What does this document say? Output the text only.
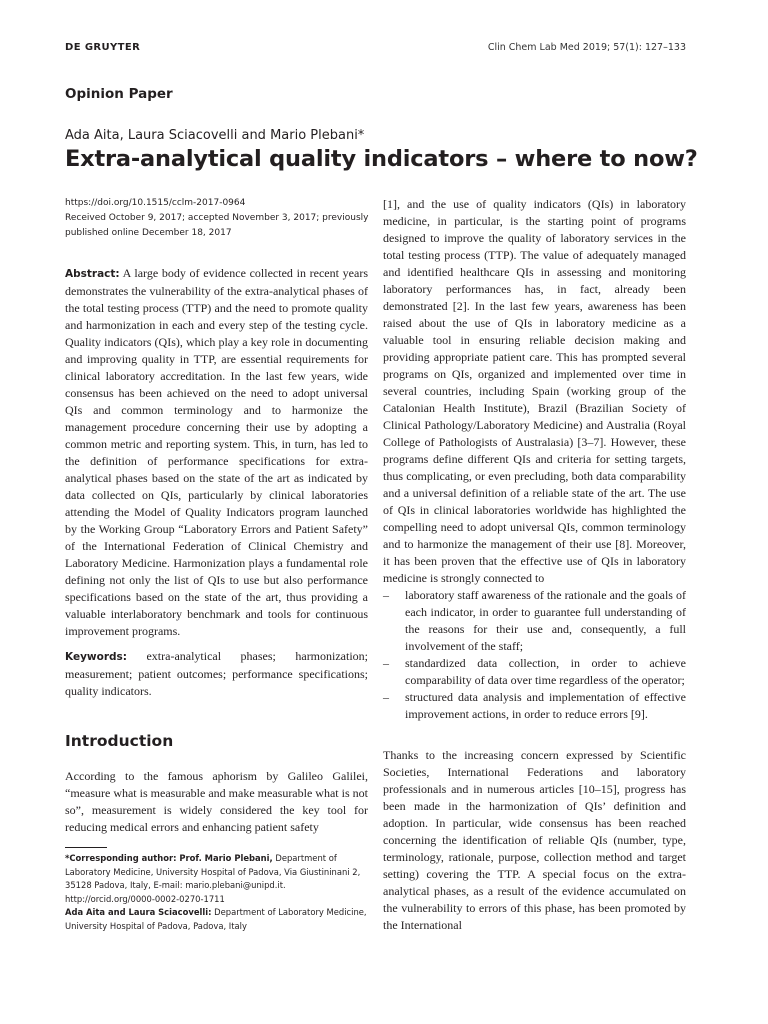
DE GRUYTER	Clin Chem Lab Med 2019; 57(1): 127–133
Opinion Paper
Ada Aita, Laura Sciacovelli and Mario Plebani*
Extra-analytical quality indicators – where to now?
https://doi.org/10.1515/cclm-2017-0964
Received October 9, 2017; accepted November 3, 2017; previously
published online December 18, 2017

Abstract: A large body of evidence collected in recent years demonstrates the vulnerability of the extra-analytical phases of the total testing process (TTP) and the need to promote quality and harmonization in each and every step of the testing cycle. Quality indicators (QIs), which play a key role in documenting and improving quality in TTP, are essential requirements for clinical laboratory accreditation. In the last few years, wide consensus has been achieved on the need to adopt universal QIs and common terminology and to harmonize the management procedure concerning their use by adopting a common metric and reporting system. This, in turn, has led to the definition of performance specifications for extra-analytical phases based on the state of the art as indicated by data collected on QIs, particularly by clinical laboratories attending the Model of Quality Indicators program launched by the Working Group “Laboratory Errors and Patient Safety” of the International Federation of Clinical Chemistry and Laboratory Medicine. Harmonization plays a fundamental role defining not only the list of QIs to use but also performance specifications based on the state of the art, thus providing a valuable interlaboratory benchmark and tools for continuous improvement programs.

Keywords: extra-analytical phases; harmonization; measurement; patient outcomes; performance specifications; quality indicators.

Introduction

According to the famous aphorism by Galileo Galilei, “measure what is measurable and make measurable what is not so”, measurement is widely considered the key tool for reducing medical errors and enhancing patient safety

*Corresponding author: Prof. Mario Plebani, Department of Laboratory Medicine, University Hospital of Padova, Via Giustininani 2, 35128 Padova, Italy, E-mail: mario.plebani@unipd.it. http://orcid.org/0000-0002-0270-1711
Ada Aita and Laura Sciacovelli: Department of Laboratory Medicine, University Hospital of Padova, Padova, Italy

[1], and the use of quality indicators (QIs) in laboratory medicine, in particular, is the starting point of programs designed to improve the quality of laboratory services in the total testing process (TTP). The value of adequately managed and identified healthcare QIs in assessing and monitoring laboratory performances has, in fact, already been demonstrated [2]. In the last few years, awareness has been raised about the use of QIs in laboratory medicine as a valuable tool in ensuring reliable decision making and providing appropriate patient care. This has prompted several programs on QIs, organized and implemented over time in several countries, including Spain (working group of the Catalonian Health Institute), Brazil (Brazilian Society of Clinical Pathology/Laboratory Medicine) and Australia (Royal College of Pathologists of Australasia) [3–7]. However, these programs define different QIs and criteria for setting targets, thus complicating, or even precluding, both data comparability and a universal definition of a reliable state of the art. The use of QIs in clinical laboratories worldwide has highlighted the compelling need to adopt universal QIs, common terminology and to harmonize the management of their use [8]. Moreover, it has been proven that the effective use of QIs in laboratory medicine is strongly connected to

– laboratory staff awareness of the rationale and the goals of each indicator, in order to guarantee full understanding of the reasons for their use and, consequently, a full involvement of the staff;
– standardized data collection, in order to achieve comparability of data over time regardless of the operator;
– structured data analysis and implementation of effective improvement actions, in order to reduce errors [9].

Thanks to the increasing concern expressed by Scientific Societies, International Federations and laboratory professionals and in numerous articles [10–15], progress has been made in the harmonization of QIs’ definition and adoption. In particular, wide consensus has been reached concerning the identification of reliable QIs (number, type, terminology, rationale, purpose, collection method and target setting) covering the TTP. A special focus on the extra-analytical phases, as a result of the evidence accumulated on the vulnerability to errors of this phase, has been promoted by the International
